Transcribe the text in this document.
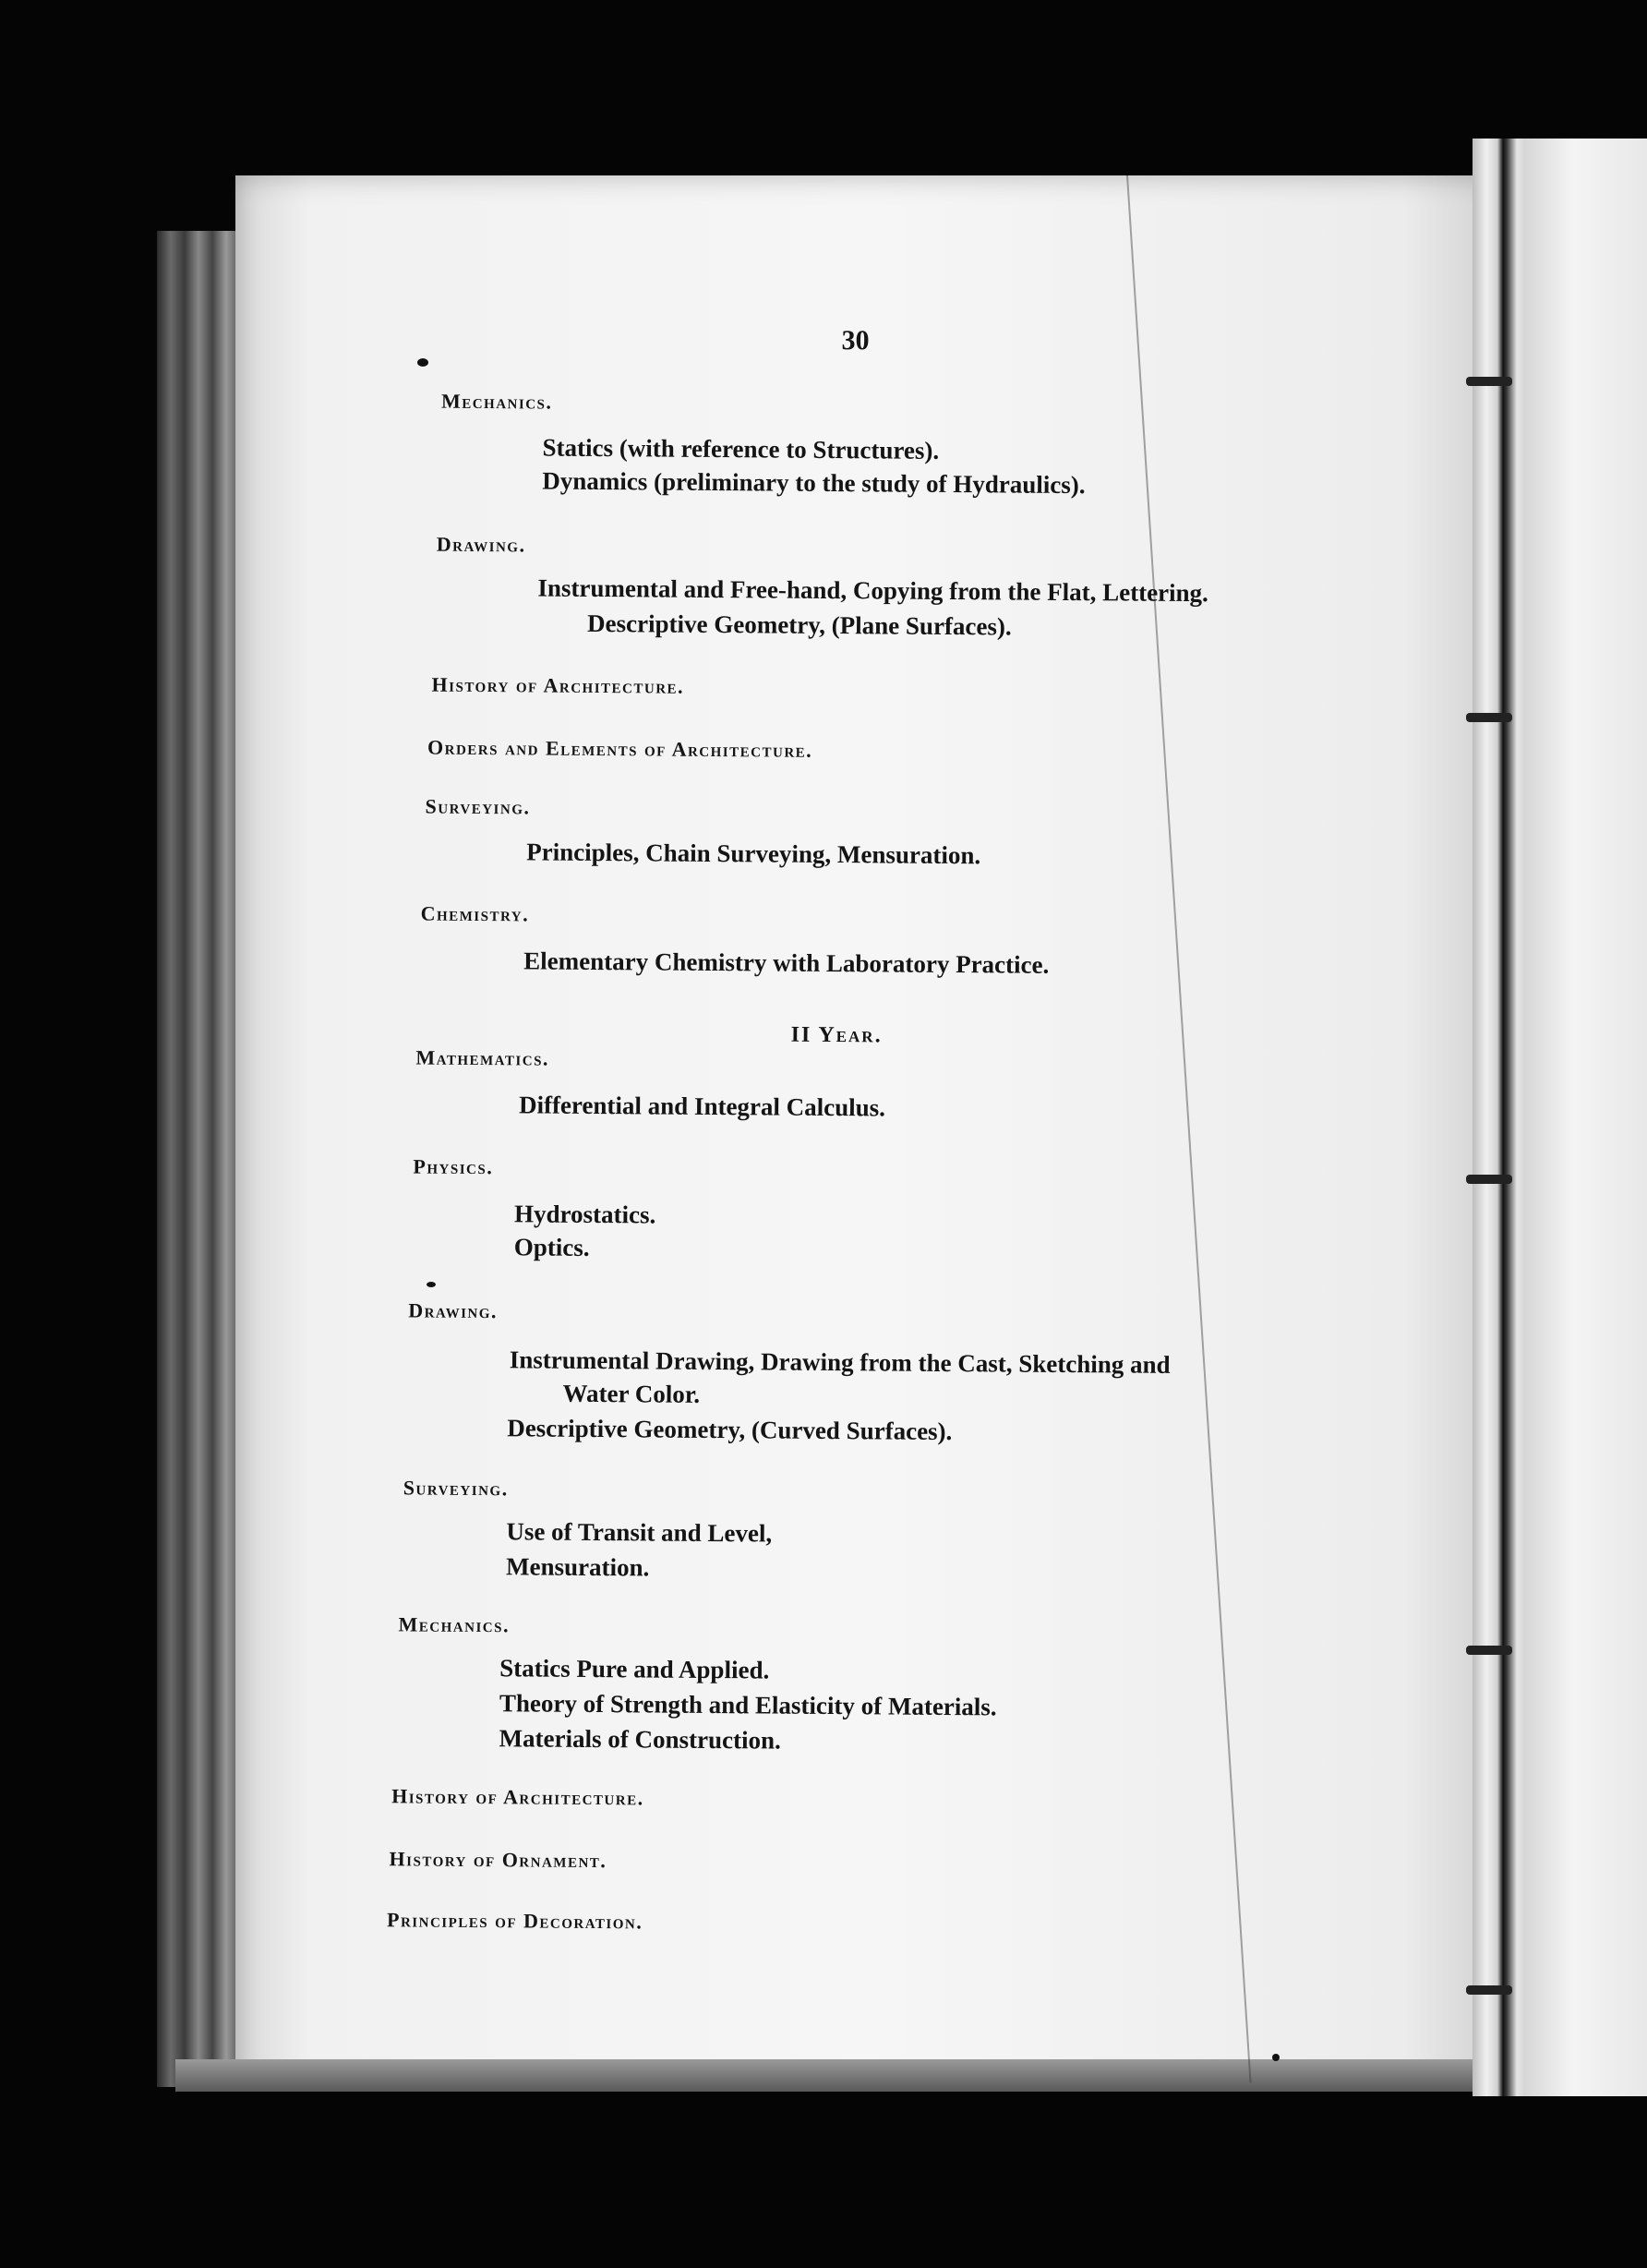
30
Mechanics.
Statics (with reference to Structures).
Dynamics (preliminary to the study of Hydraulics).
Drawing.
Instrumental and Free-hand, Copying from the Flat, Lettering.
Descriptive Geometry, (Plane Surfaces).
History of Architecture.
Orders and Elements of Architecture.
Surveying.
Principles, Chain Surveying, Mensuration.
Chemistry.
Elementary Chemistry with Laboratory Practice.
II Year.
Mathematics.
Differential and Integral Calculus.
Physics.
Hydrostatics.
Optics.
Drawing.
Instrumental Drawing, Drawing from the Cast, Sketching and
Water Color.
Descriptive Geometry, (Curved Surfaces).
Surveying.
Use of Transit and Level,
Mensuration.
Mechanics.
Statics Pure and Applied.
Theory of Strength and Elasticity of Materials.
Materials of Construction.
History of Architecture.
History of Ornament.
Principles of Decoration.
